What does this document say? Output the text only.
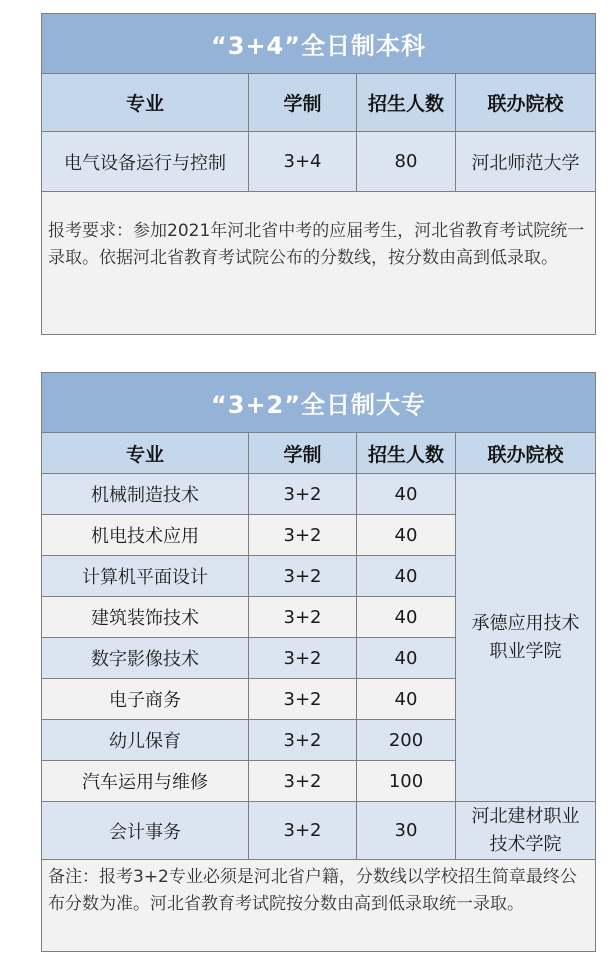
“3+4”全日制本科			
专业	学制	招生人数	联办院校
电气设备运行与控制	3+4	80	河北师范大学
报考要求：参加2021年河北省中考的应届考生，河北省教育考试院统一录取。依据河北省教育考试院公布的分数线，按分数由高到低录取。			
“3+2”全日制大专			
专业	学制	招生人数	联办院校
机械制造技术	3+2	40	承德应用技术职业学院

机电技术应用	3+2	40	
计算机平面设计	3+2	40	
建筑装饰技术	3+2	40	
数字影像技术	3+2	40	
电子商务	3+2	40	
幼儿保育	3+2	200	
汽车运用与维修	3+2	100	
会计事务	3+2	30	河北建材职业技术学院

备注：报考3+2专业必须是河北省户籍，分数线以学校招生简章最终公布分数为准。河北省教育考试院按分数由高到低录取统一录取。			
